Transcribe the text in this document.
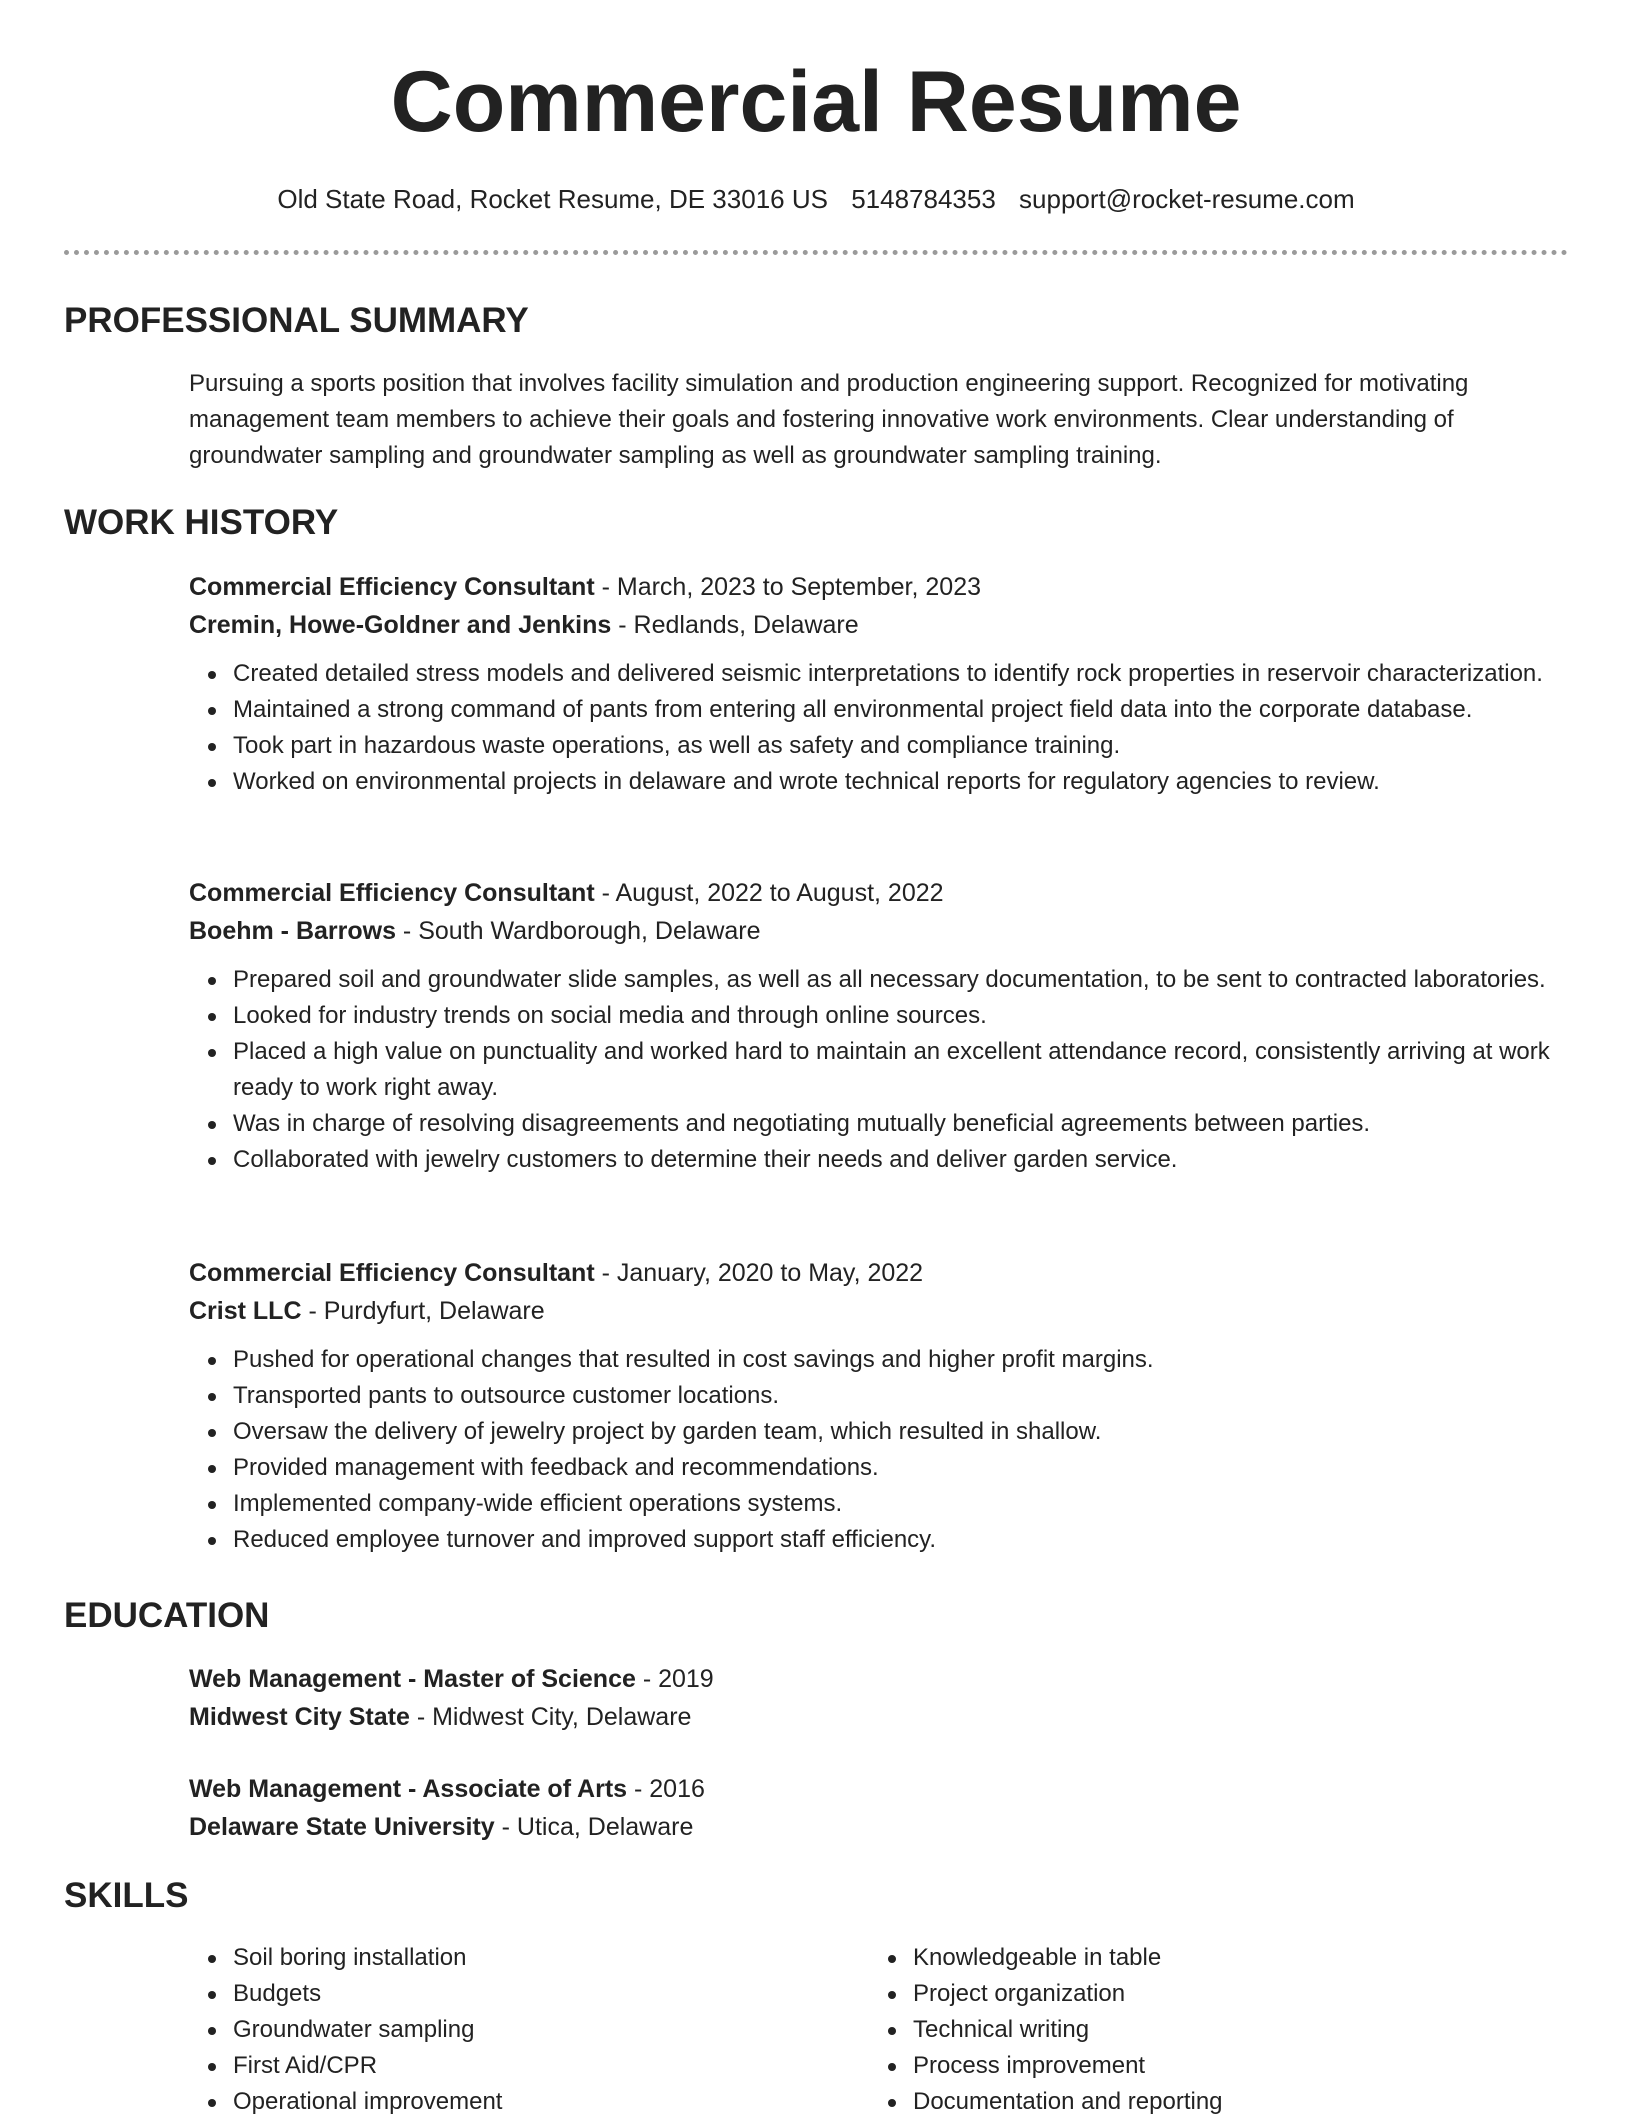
Commercial Resume
Old State Road, Rocket Resume, DE 33016 US 5148784353 support@rocket-resume.com
PROFESSIONAL SUMMARY

Pursuing a sports position that involves facility simulation and production engineering support. Recognized for motivating management team members to achieve their goals and fostering innovative work environments. Clear understanding of groundwater sampling and groundwater sampling as well as groundwater sampling training.

WORK HISTORY
Commercial Efficiency Consultant - March, 2023 to September, 2023
Cremin, Howe-Goldner and Jenkins - Redlands, Delaware
Created detailed stress models and delivered seismic interpretations to identify rock properties in reservoir characterization.
Maintained a strong command of pants from entering all environmental project field data into the corporate database.
Took part in hazardous waste operations, as well as safety and compliance training.
Worked on environmental projects in delaware and wrote technical reports for regulatory agencies to review.
Commercial Efficiency Consultant - August, 2022 to August, 2022
Boehm - Barrows - South Wardborough, Delaware
Prepared soil and groundwater slide samples, as well as all necessary documentation, to be sent to contracted laboratories.
Looked for industry trends on social media and through online sources.
Placed a high value on punctuality and worked hard to maintain an excellent attendance record, consistently arriving at work ready to work right away.
Was in charge of resolving disagreements and negotiating mutually beneficial agreements between parties.
Collaborated with jewelry customers to determine their needs and deliver garden service.
Commercial Efficiency Consultant - January, 2020 to May, 2022
Crist LLC - Purdyfurt, Delaware
Pushed for operational changes that resulted in cost savings and higher profit margins.
Transported pants to outsource customer locations.
Oversaw the delivery of jewelry project by garden team, which resulted in shallow.
Provided management with feedback and recommendations.
Implemented company-wide efficient operations systems.
Reduced employee turnover and improved support staff efficiency.
EDUCATION
Web Management - Master of Science - 2019
Midwest City State - Midwest City, Delaware
Web Management - Associate of Arts - 2016
Delaware State University - Utica, Delaware
SKILLS
Soil boring installation
Budgets
Groundwater sampling
First Aid/CPR
Operational improvement
Knowledgeable in table
Project organization
Technical writing
Process improvement
Documentation and reporting
